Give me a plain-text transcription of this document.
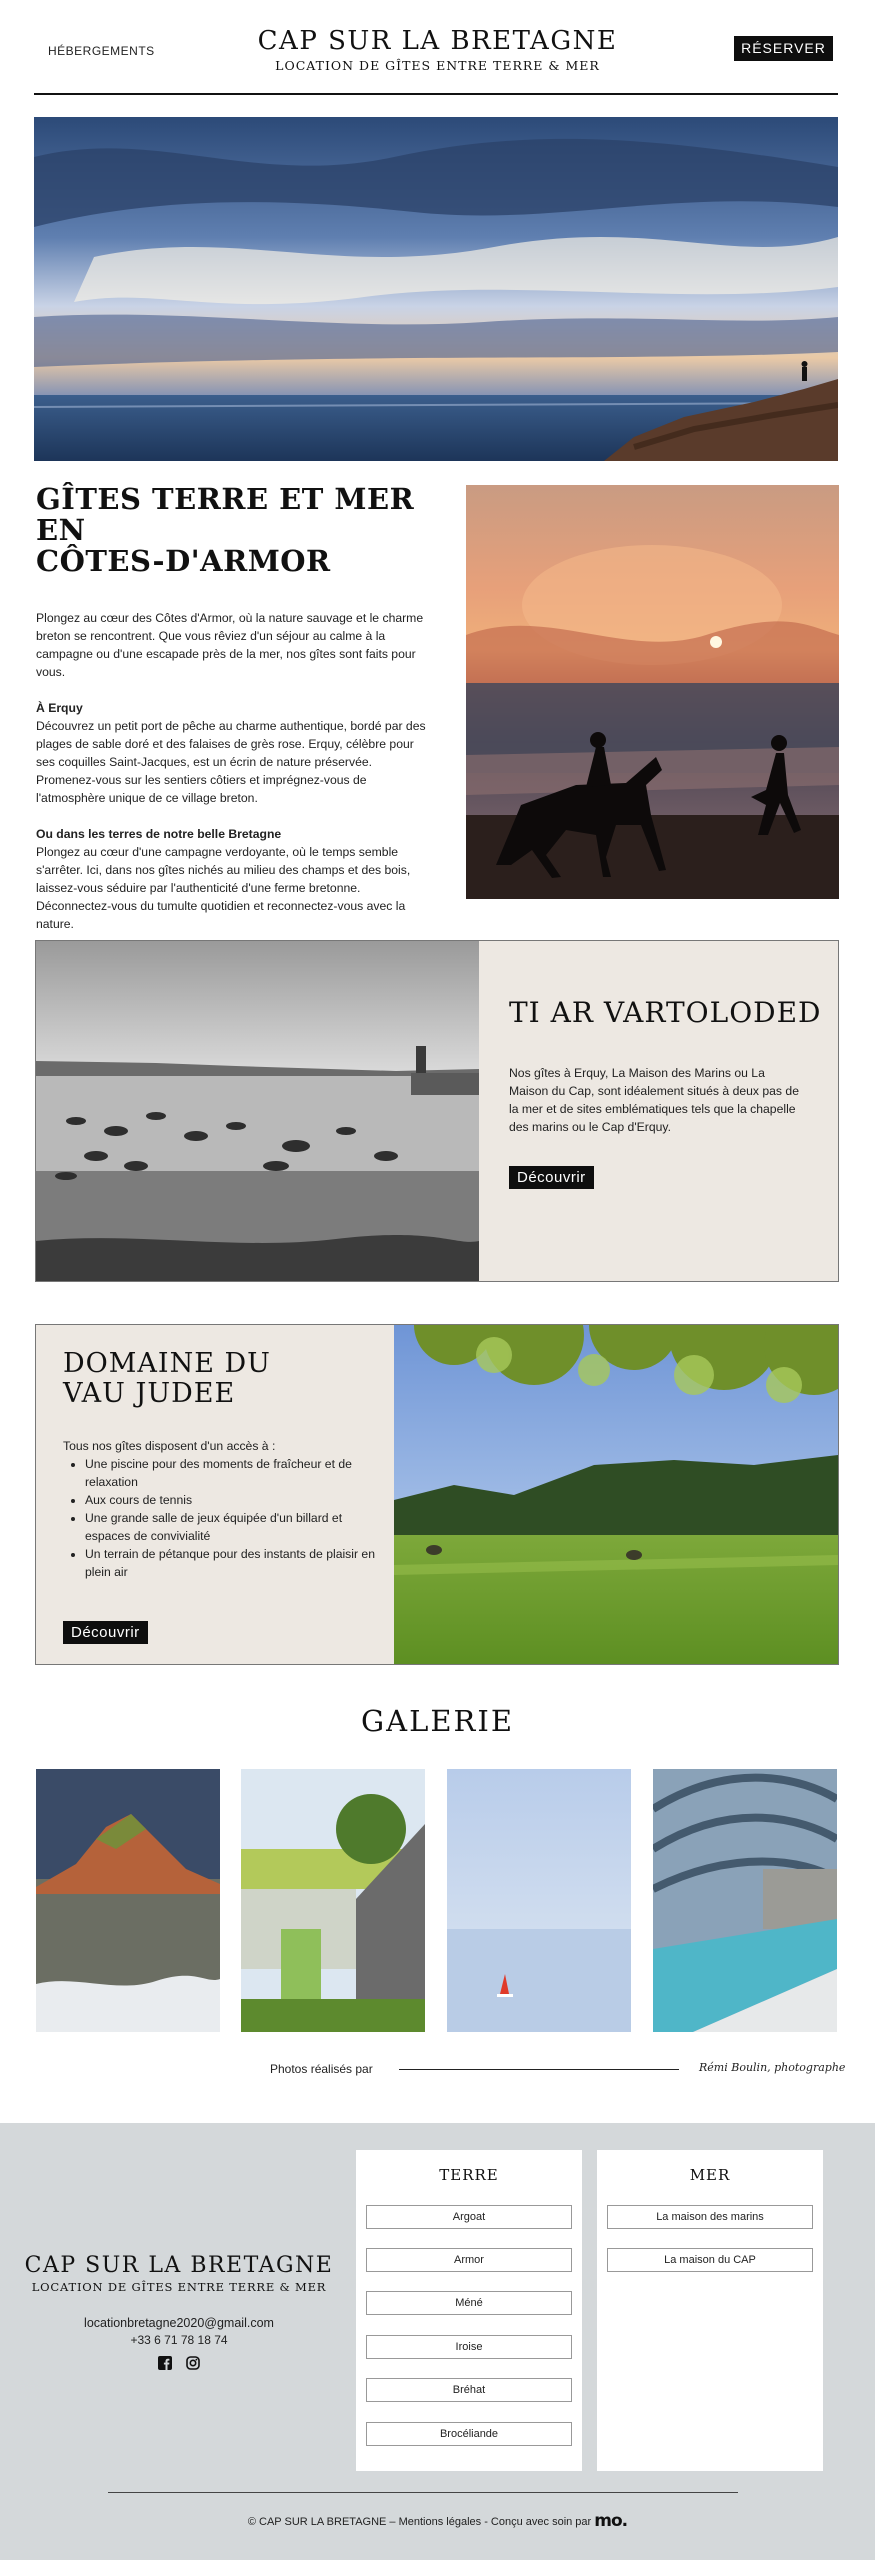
HÉBERGEMENTS	CAP SUR LA BRETAGNE
LOCATION DE GÎTES ENTRE TERRE & MER
RÉSERVER
GÎTES TERRE ET MER EN
CÔTES-D'ARMOR

Plongez au cœur des Côtes d'Armor, où la nature sauvage et le charme breton se rencontrent. Que vous rêviez d'un séjour au calme à la campagne ou d'une escapade près de la mer, nos gîtes sont faits pour vous.

À Erquy

Découvrez un petit port de pêche au charme authentique, bordé par des plages de sable doré et des falaises de grès rose. Erquy, célèbre pour ses coquilles Saint-Jacques, est un écrin de nature préservée. Promenez-vous sur les sentiers côtiers et imprégnez-vous de l'atmosphère unique de ce village breton.

Ou dans les terres de notre belle Bretagne

Plongez au cœur d'une campagne verdoyante, où le temps semble s'arrêter. Ici, dans nos gîtes nichés au milieu des champs et des bois, laissez-vous séduire par l'authenticité d'une ferme bretonne. Déconnectez-vous du tumulte quotidien et reconnectez-vous avec la nature.

TI AR VARTOLODED

Nos gîtes à Erquy, La Maison des Marins ou La Maison du Cap, sont idéalement situés à deux pas de la mer et de sites emblématiques tels que la chapelle des marins ou le Cap d'Erquy.

Découvrir
DOMAINE DU
VAU JUDEE

Tous nos gîtes disposent d'un accès à :

• Une piscine pour des moments de fraîcheur et de relaxation
• Aux cours de tennis
• Une grande salle de jeux équipée d'un billard et espaces de convivialité
• Un terrain de pétanque pour des instants de plaisir en plein air
Découvrir
GALERIE
Photos réalisés par	Rémi Boulin, photographe
CAP SUR LA BRETAGNE
LOCATION DE GÎTES ENTRE TERRE & MER
locationbretagne2020@gmail.com
+33 6 71 78 18 74
TERRE
Argoat
Armor
Méné
Iroise
Bréhat
Brocéliande
MER
La maison des marins
La maison du CAP
© CAP SUR LA BRETAGNE – Mentions légales - Conçu avec soin par mo.
